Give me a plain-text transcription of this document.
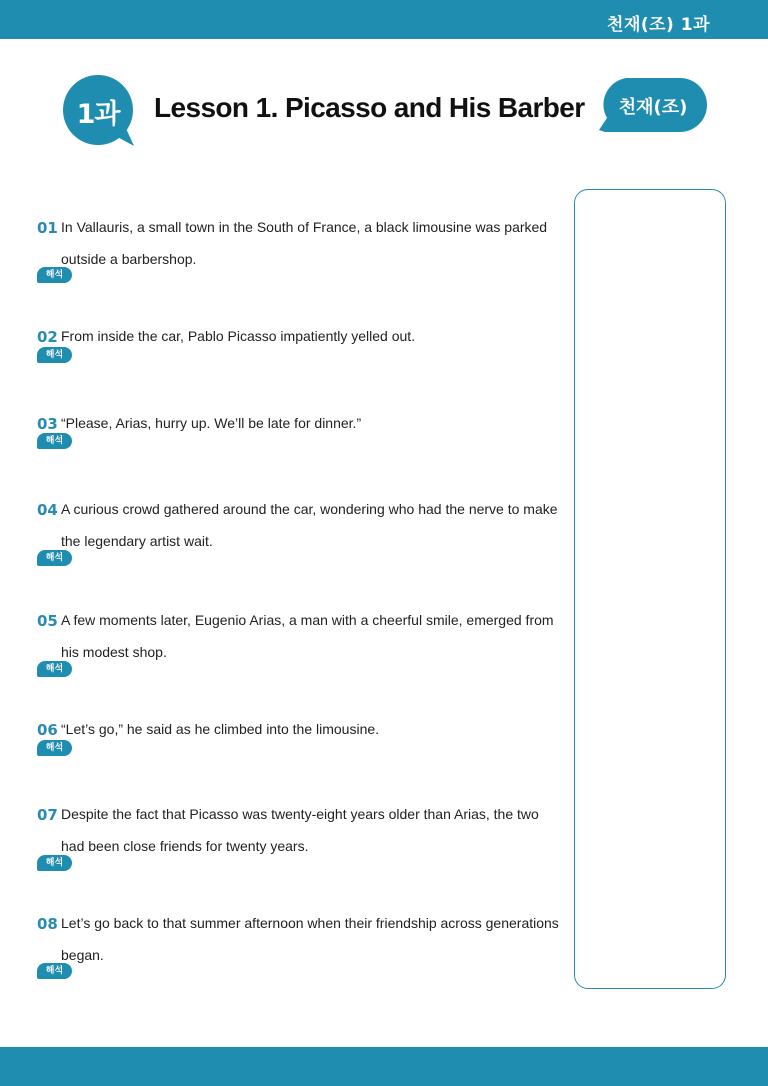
천재(조) 1과
1과	Lesson 1. Picasso and His Barber	천재(조)
01 In Vallauris, a small town in the South of France, a black limousine was parked outside a barbershop.
해석
02 From inside the car, Pablo Picasso impatiently yelled out.
해석
03 “Please, Arias, hurry up. We’ll be late for dinner.”
해석
04 A curious crowd gathered around the car, wondering who had the nerve to make the legendary artist wait.
해석
05 A few moments later, Eugenio Arias, a man with a cheerful smile, emerged from his modest shop.
해석
06 “Let’s go,” he said as he climbed into the limousine.
해석
07 Despite the fact that Picasso was twenty-eight years older than Arias, the two had been close friends for twenty years.
해석
08 Let’s go back to that summer afternoon when their friendship across generations began.
해석
